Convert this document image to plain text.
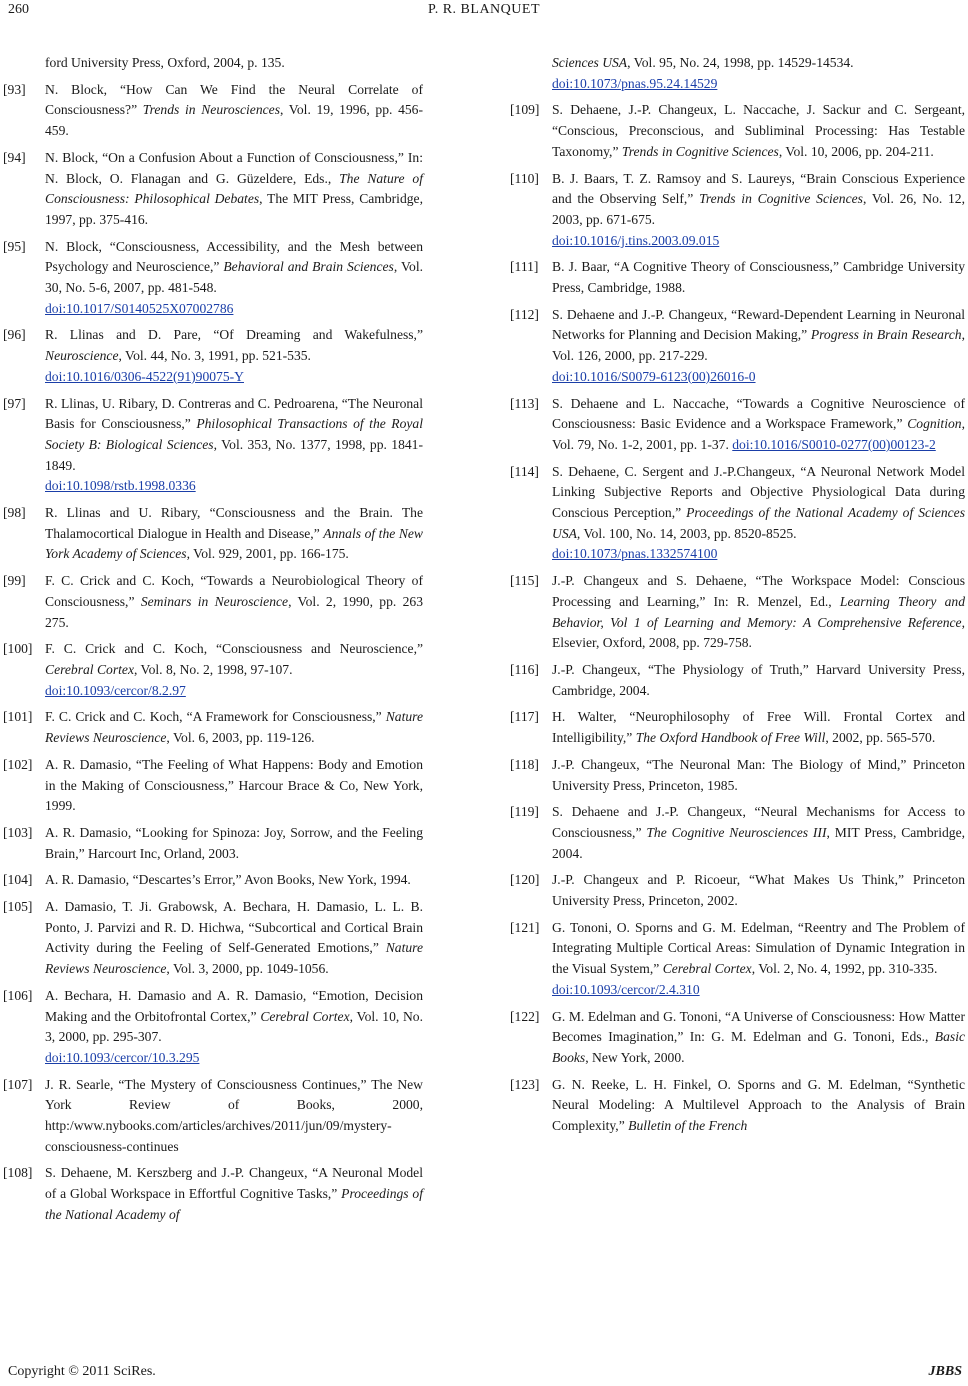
260	P. R. BLANQUET
ford University Press, Oxford, 2004, p. 135.
[93]	N. Block, “How Can We Find the Neural Correlate of Consciousness?” Trends in Neurosciences, Vol. 19, 1996, pp. 456-459.
[94]	N. Block, “On a Confusion About a Function of Consciousness,” In: N. Block, O. Flanagan and G. Güzeldere, Eds., The Nature of Consciousness: Philosophical Debates, The MIT Press, Cambridge, 1997, pp. 375-416.
[95]	N. Block, “Consciousness, Accessibility, and the Mesh between Psychology and Neuroscience,” Behavioral and Brain Sciences, Vol. 30, No. 5-6, 2007, pp. 481-548.
doi:10.1017/S0140525X07002786
[96]	R. Llinas and D. Pare, “Of Dreaming and Wakefulness,” Neuroscience, Vol. 44, No. 3, 1991, pp. 521-535.
doi:10.1016/0306-4522(91)90075-Y
[97]	R. Llinas, U. Ribary, D. Contreras and C. Pedroarena, “The Neuronal Basis for Consciousness,” Philosophical Transactions of the Royal Society B: Biological Sciences, Vol. 353, No. 1377, 1998, pp. 1841-1849.
doi:10.1098/rstb.1998.0336
[98]	R. Llinas and U. Ribary, “Consciousness and the Brain. The Thalamocortical Dialogue in Health and Disease,” Annals of the New York Academy of Sciences, Vol. 929, 2001, pp. 166-175.
[99]	F. C. Crick and C. Koch, “Towards a Neurobiological Theory of Consciousness,” Seminars in Neuroscience, Vol. 2, 1990, pp. 263 275.
[100] F. C. Crick and C. Koch, “Consciousness and Neuroscience,” Cerebral Cortex, Vol. 8, No. 2, 1998, 97-107.
doi:10.1093/cercor/8.2.97
[101] F. C. Crick and C. Koch, “A Framework for Consciousness,” Nature Reviews Neuroscience, Vol. 6, 2003, pp. 119-126.
[102] A. R. Damasio, “The Feeling of What Happens: Body and Emotion in the Making of Consciousness,” Harcour Brace & Co, New York, 1999.
[103] A. R. Damasio, “Looking for Spinoza: Joy, Sorrow, and the Feeling Brain,” Harcourt Inc, Orland, 2003.
[104] A. R. Damasio, “Descartes’s Error,” Avon Books, New York, 1994.
[105] A. Damasio, T. Ji. Grabowsk, A. Bechara, H. Damasio, L. L. B. Ponto, J. Parvizi and R. D. Hichwa, “Subcortical and Cortical Brain Activity during the Feeling of Self-Generated Emotions,” Nature Reviews Neuroscience, Vol. 3, 2000, pp. 1049-1056.
[106] A. Bechara, H. Damasio and A. R. Damasio, “Emotion, Decision Making and the Orbitofrontal Cortex,” Cerebral Cortex, Vol. 10, No. 3, 2000, pp. 295-307.
doi:10.1093/cercor/10.3.295
[107] J. R. Searle, “The Mystery of Consciousness Continues,” The New York Review of Books, 2000, http:/www.nybooks.com/articles/archives/2011/jun/09/mystery-consciousness-continues
[108] S. Dehaene, M. Kerszberg and J.-P. Changeux, “A Neuronal Model of a Global Workspace in Effortful Cognitive Tasks,” Proceedings of the National Academy of
Sciences USA, Vol. 95, No. 24, 1998, pp. 14529-14534.
doi:10.1073/pnas.95.24.14529
[109] S. Dehaene, J.-P. Changeux, L. Naccache, J. Sackur and C. Sergeant, “Conscious, Preconscious, and Subliminal Processing: Has Testable Taxonomy,” Trends in Cognitive Sciences, Vol. 10, 2006, pp. 204-211.
[110] B. J. Baars, T. Z. Ramsoy and S. Laureys, “Brain Conscious Experience and the Observing Self,” Trends in Cognitive Sciences, Vol. 26, No. 12, 2003, pp. 671-675.
doi:10.1016/j.tins.2003.09.015
[111] B. J. Baar, “A Cognitive Theory of Consciousness,” Cambridge University Press, Cambridge, 1988.
[112] S. Dehaene and J.-P. Changeux, “Reward-Dependent Learning in Neuronal Networks for Planning and Decision Making,” Progress in Brain Research, Vol. 126, 2000, pp. 217-229.
doi:10.1016/S0079-6123(00)26016-0
[113] S. Dehaene and L. Naccache, “Towards a Cognitive Neuroscience of Consciousness: Basic Evidence and a Workspace Framework,” Cognition, Vol. 79, No. 1-2, 2001, pp. 1-37. doi:10.1016/S0010-0277(00)00123-2
[114] S. Dehaene, C. Sergent and J.-P.Changeux, “A Neuronal Network Model Linking Subjective Reports and Objective Physiological Data during Conscious Perception,” Proceedings of the National Academy of Sciences USA, Vol. 100, No. 14, 2003, pp. 8520-8525.
doi:10.1073/pnas.1332574100
[115] J.-P. Changeux and S. Dehaene, “The Workspace Model: Conscious Processing and Learning,” In: R. Menzel, Ed., Learning Theory and Behavior, Vol 1 of Learning and Memory: A Comprehensive Reference, Elsevier, Oxford, 2008, pp. 729-758.
[116] J.-P. Changeux, “The Physiology of Truth,” Harvard University Press, Cambridge, 2004.
[117] H. Walter, “Neurophilosophy of Free Will. Frontal Cortex and Intelligibility,” The Oxford Handbook of Free Will, 2002, pp. 565-570.
[118] J.-P. Changeux, “The Neuronal Man: The Biology of Mind,” Princeton University Press, Princeton, 1985.
[119] S. Dehaene and J.-P. Changeux, “Neural Mechanisms for Access to Consciousness,” The Cognitive Neurosciences III, MIT Press, Cambridge, 2004.
[120] J.-P. Changeux and P. Ricoeur, “What Makes Us Think,” Princeton University Press, Princeton, 2002.
[121] G. Tononi, O. Sporns and G. M. Edelman, “Reentry and The Problem of Integrating Multiple Cortical Areas: Simulation of Dynamic Integration in the Visual System,” Cerebral Cortex, Vol. 2, No. 4, 1992, pp. 310-335.
doi:10.1093/cercor/2.4.310
[122] G. M. Edelman and G. Tononi, “A Universe of Consciousness: How Matter Becomes Imagination,” In: G. M. Edelman and G. Tononi, Eds., Basic Books, New York, 2000.
[123] G. N. Reeke, L. H. Finkel, O. Sporns and G. M. Edelman, “Synthetic Neural Modeling: A Multilevel Approach to the Analysis of Brain Complexity,” Bulletin of the French
Copyright © 2011 SciRes.	JBBS
